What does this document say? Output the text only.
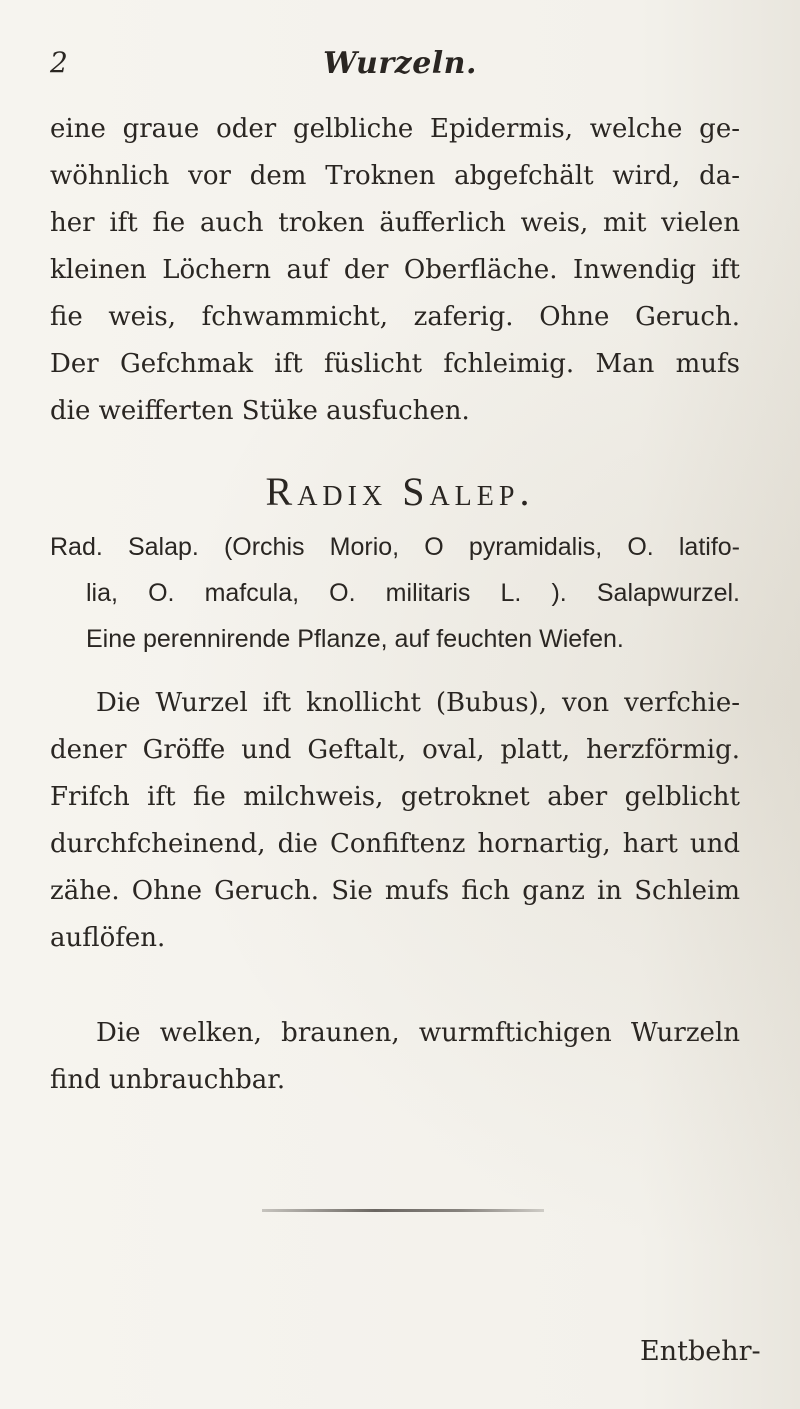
2	Wurzeln.
eine graue oder gelbliche Epidermis, welche ge-
wöhnlich vor dem Troknen abgefchält wird, da-
her ift fie auch troken äufferlich weis, mit vielen
kleinen Löchern auf der Oberfläche. Inwendig ift
fie weis, fchwammicht, zaferig. Ohne Geruch.
Der Gefchmak ift füslicht fchleimig. Man mufs
die weifferten Stüke ausfuchen.
Radix Salep.
Rad. Salap. (Orchis Morio, O pyramidalis, O. latifo-
lia, O. mafcula, O. militaris L. ). Salapwurzel.
Eine perennirende Pflanze, auf feuchten Wiefen.
Die Wurzel ift knollicht (Bubus), von verfchie-
dener Gröffe und Geftalt, oval, platt, herzförmig.
Frifch ift fie milchweis, getroknet aber gelblicht
durchfcheinend, die Confiftenz hornartig, hart und
zähe. Ohne Geruch. Sie mufs fich ganz in Schleim
auflöfen.
Die welken, braunen, wurmftichigen Wurzeln
find unbrauchbar.
Entbehr-
